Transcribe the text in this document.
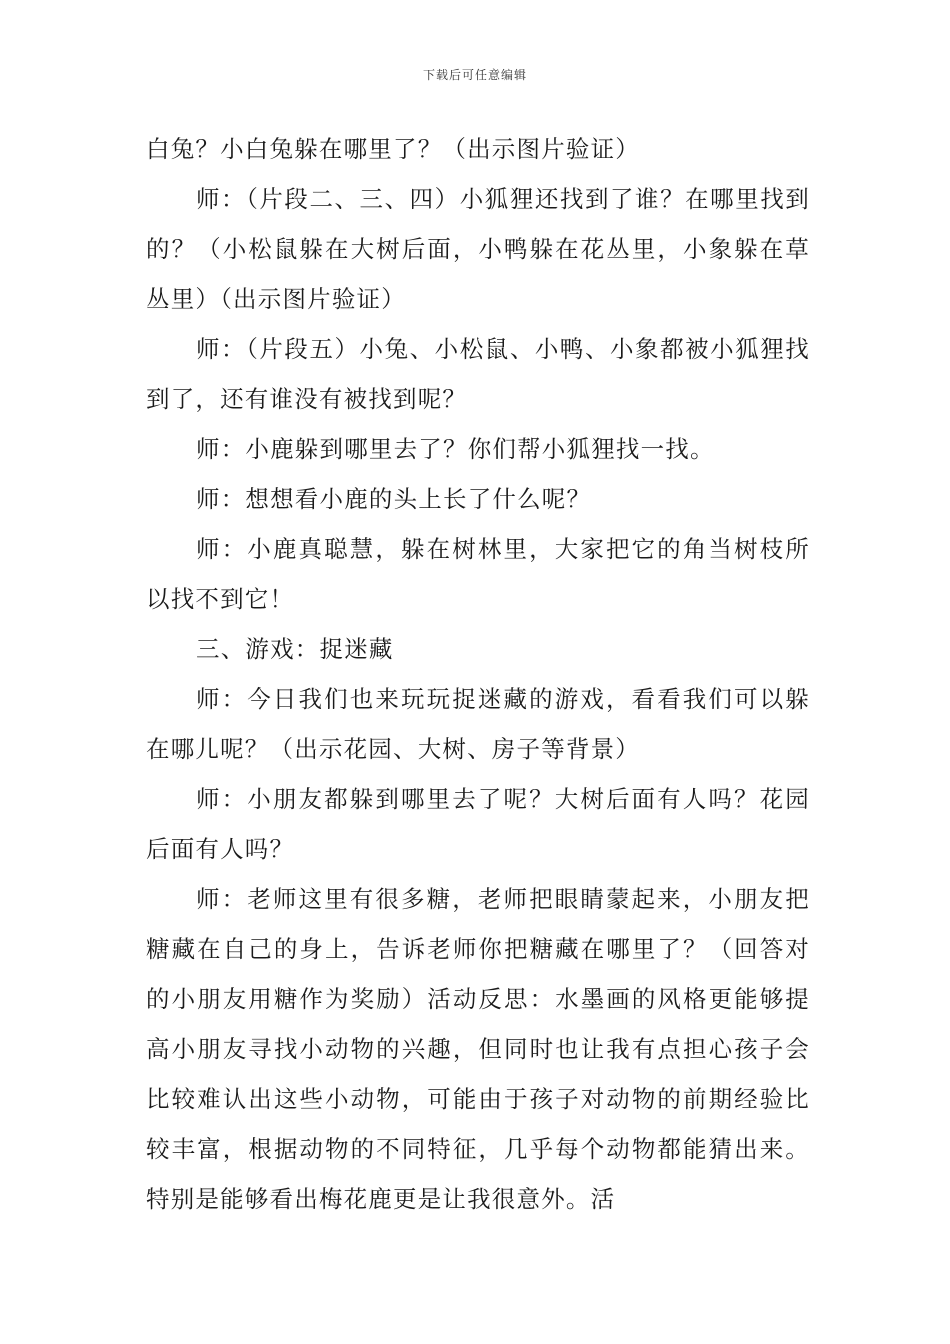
下载后可任意编辑

白兔？小白兔躲在哪里了？（出示图片验证）

师：（片段二、三、四）小狐狸还找到了谁？在哪里找到的？（小松鼠躲在大树后面，小鸭躲在花丛里，小象躲在草丛里）（出示图片验证）

师：（片段五）小兔、小松鼠、小鸭、小象都被小狐狸找到了，还有谁没有被找到呢？

师：小鹿躲到哪里去了？你们帮小狐狸找一找。

师：想想看小鹿的头上长了什么呢？

师：小鹿真聪慧，躲在树林里，大家把它的角当树枝所以找不到它！

三、游戏：捉迷藏

师：今日我们也来玩玩捉迷藏的游戏，看看我们可以躲在哪儿呢？（出示花园、大树、房子等背景）

师：小朋友都躲到哪里去了呢？大树后面有人吗？花园后面有人吗？

师：老师这里有很多糖，老师把眼睛蒙起来，小朋友把糖藏在自己的身上，告诉老师你把糖藏在哪里了？（回答对的小朋友用糖作为奖励）活动反思：水墨画的风格更能够提高小朋友寻找小动物的兴趣，但同时也让我有点担心孩子会比较难认出这些小动物，可能由于孩子对动物的前期经验比较丰富，根据动物的不同特征，几乎每个动物都能猜出来。特别是能够看出梅花鹿更是让我很意外。活
